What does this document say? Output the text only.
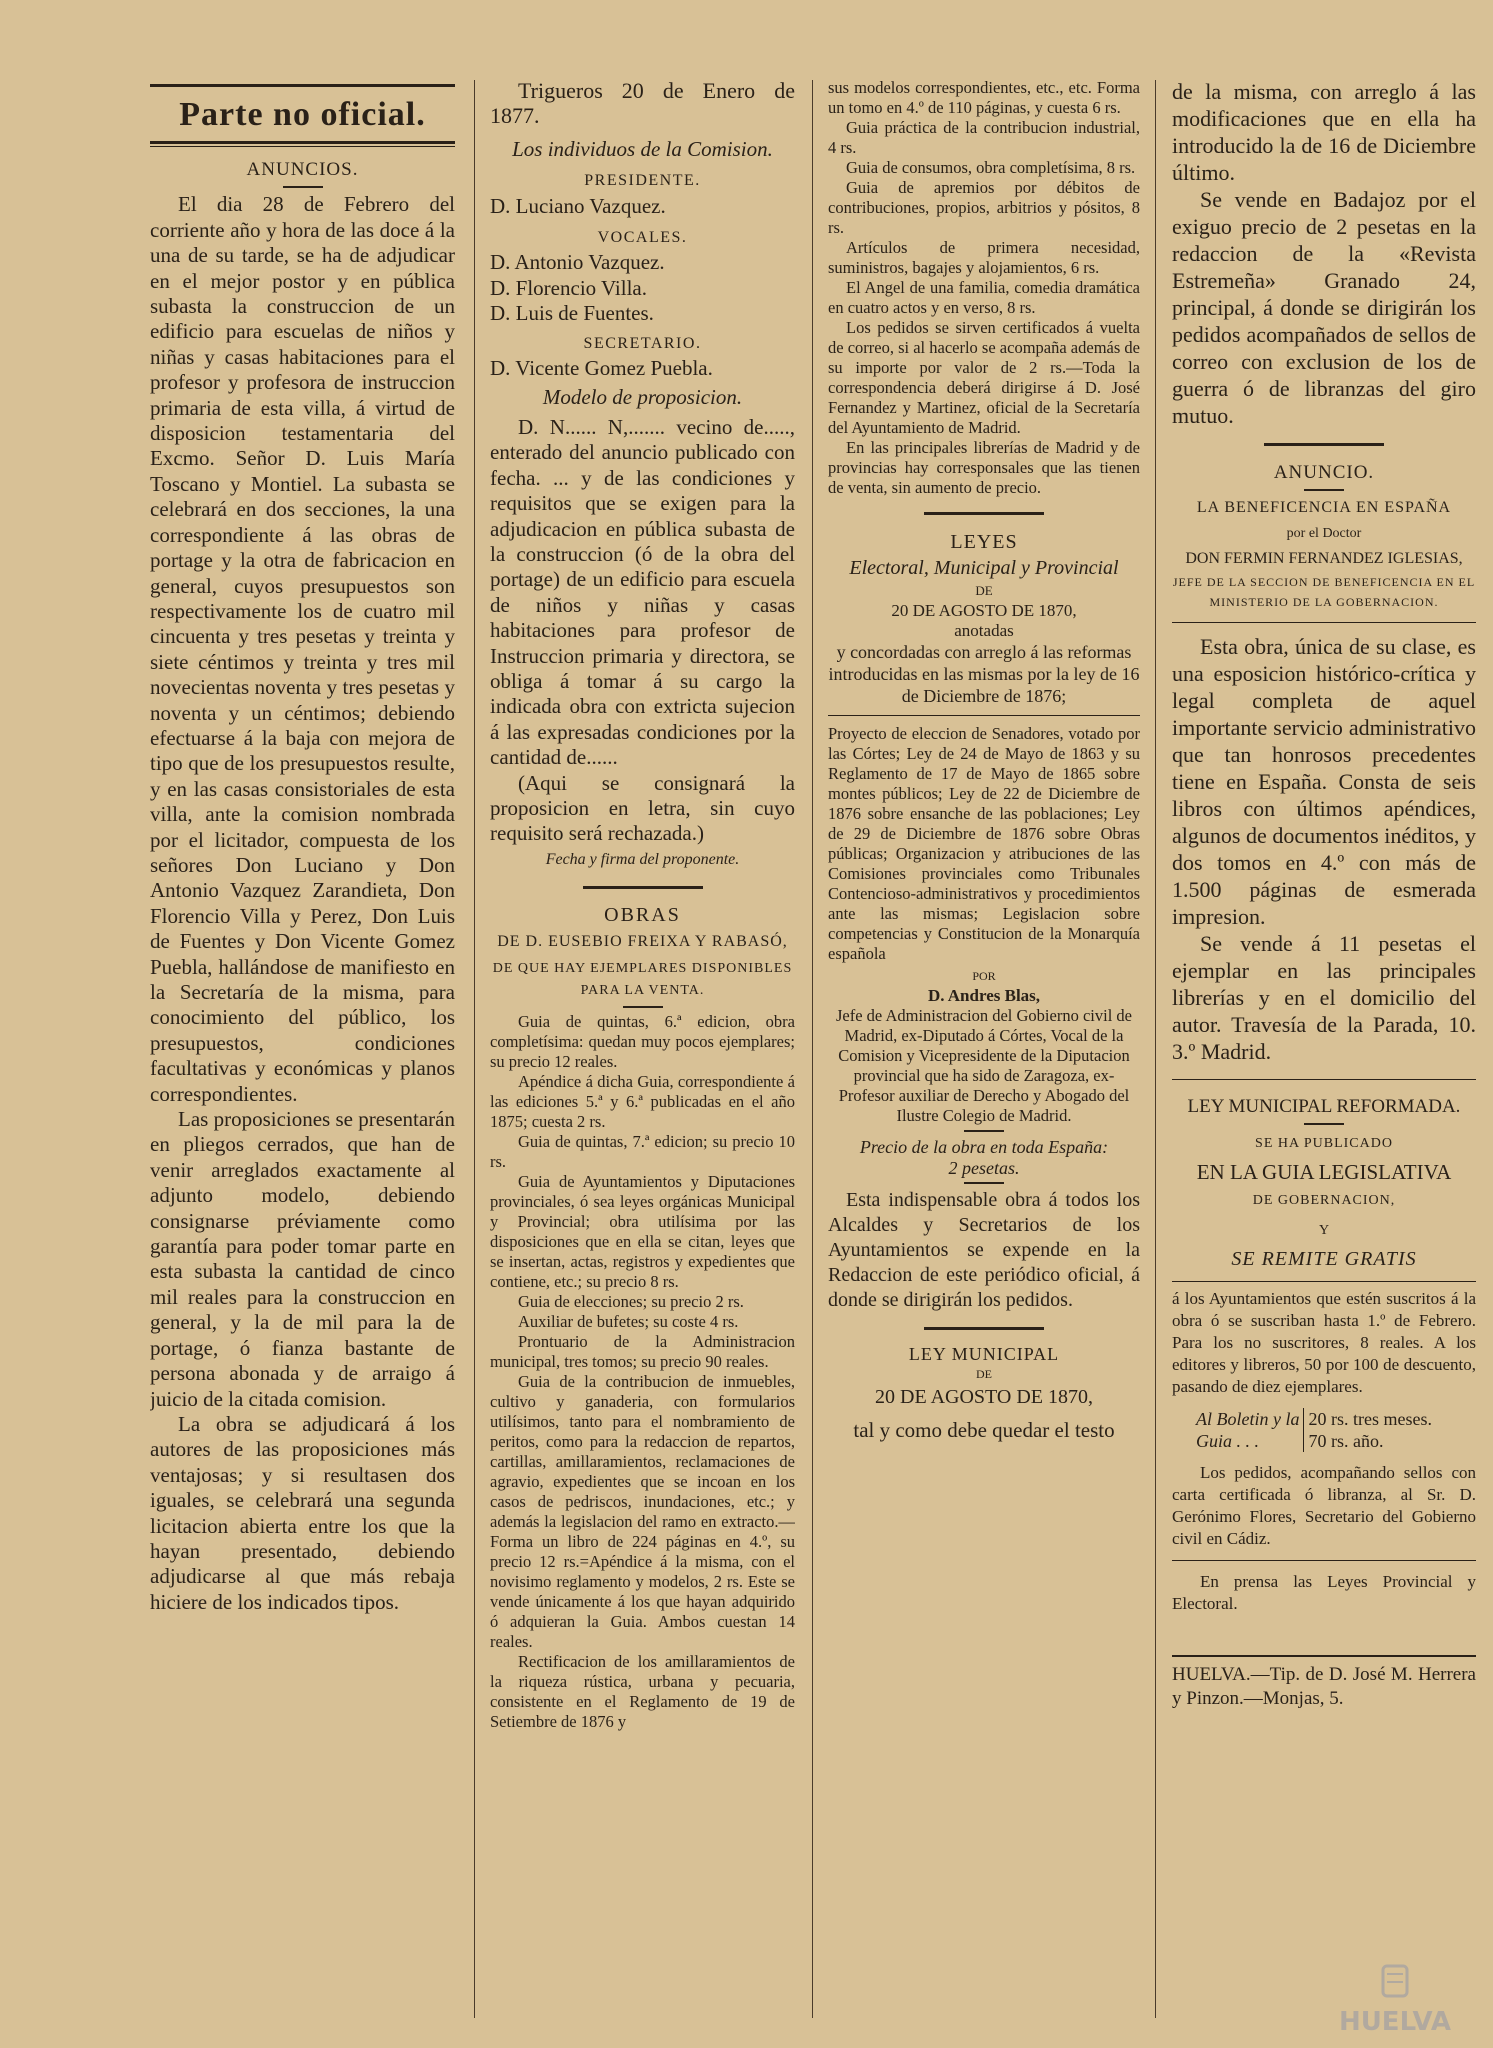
Parte no oficial.
ANUNCIOS.

El dia 28 de Febrero del corriente año y hora de las doce á la una de su tarde, se ha de adjudicar en el mejor postor y en pública subasta la construccion de un edificio para escuelas de niños y niñas y casas habitaciones para el profesor y profesora de instruccion primaria de esta villa, á virtud de disposicion testamentaria del Excmo. Señor D. Luis María Toscano y Montiel. La subasta se celebrará en dos secciones, la una correspondiente á las obras de portage y la otra de fabricacion en general, cuyos presupuestos son respectivamente los de cuatro mil cincuenta y tres pesetas y treinta y siete céntimos y treinta y tres mil novecientas noventa y tres pesetas y noventa y un céntimos; debiendo efectuarse á la baja con mejora de tipo que de los presupuestos resulte, y en las casas consistoriales de esta villa, ante la comision nombrada por el licitador, compuesta de los señores Don Luciano y Don Antonio Vazquez Zarandieta, Don Florencio Villa y Perez, Don Luis de Fuentes y Don Vicente Gomez Puebla, hallándose de manifiesto en la Secretaría de la misma, para conocimiento del público, los presupuestos, condiciones facultativas y económicas y planos correspondientes.

Las proposiciones se presentarán en pliegos cerrados, que han de venir arreglados exactamente al adjunto modelo, debiendo consignarse préviamente como garantía para poder tomar parte en esta subasta la cantidad de cinco mil reales para la construccion en general, y la de mil para la de portage, ó fianza bastante de persona abonada y de arraigo á juicio de la citada comision.

La obra se adjudicará á los autores de las proposiciones más ventajosas; y si resultasen dos iguales, se celebrará una segunda licitacion abierta entre los que la hayan presentado, debiendo adjudicarse al que más rebaja hiciere de los indicados tipos.

Trigueros 20 de Enero de 1877.

Los individuos de la Comision.
PRESIDENTE.
D. Luciano Vazquez.
VOCALES.
D. Antonio Vazquez.
D. Florencio Villa.
D. Luis de Fuentes.
SECRETARIO.
D. Vicente Gomez Puebla.
Modelo de proposicion.

D. N...... N,....... vecino de....., enterado del anuncio publicado con fecha. ... y de las condiciones y requisitos que se exigen para la adjudicacion en pública subasta de la construccion (ó de la obra del portage) de un edificio para escuela de niños y niñas y casas habitaciones para profesor de Instruccion primaria y directora, se obliga á tomar á su cargo la indicada obra con extricta sujecion á las expresadas condiciones por la cantidad de......

(Aqui se consignará la proposicion en letra, sin cuyo requisito será rechazada.)

Fecha y firma del proponente.
OBRAS
DE D. EUSEBIO FREIXA Y RABASÓ,
DE QUE HAY EJEMPLARES DISPONIBLES PARA LA VENTA.

Guia de quintas, 6.ª edicion, obra completísima: quedan muy pocos ejemplares; su precio 12 reales.

Apéndice á dicha Guia, correspondiente á las ediciones 5.ª y 6.ª publicadas en el año 1875; cuesta 2 rs.

Guia de quintas, 7.ª edicion; su precio 10 rs.

Guia de Ayuntamientos y Diputaciones provinciales, ó sea leyes orgánicas Municipal y Provincial; obra utilísima por las disposiciones que en ella se citan, leyes que se insertan, actas, registros y expedientes que contiene, etc.; su precio 8 rs.

Guia de elecciones; su precio 2 rs.

Auxiliar de bufetes; su coste 4 rs.

Prontuario de la Administracion municipal, tres tomos; su precio 90 reales.

Guia de la contribucion de inmuebles, cultivo y ganaderia, con formularios utilísimos, tanto para el nombramiento de peritos, como para la redaccion de repartos, cartillas, amillaramientos, reclamaciones de agravio, expedientes que se incoan en los casos de pedriscos, inundaciones, etc.; y además la legislacion del ramo en extracto.—Forma un libro de 224 páginas en 4.º, su precio 12 rs.=Apéndice á la misma, con el novisimo reglamento y modelos, 2 rs. Este se vende únicamente á los que hayan adquirido ó adquieran la Guia. Ambos cuestan 14 reales.

Rectificacion de los amillaramientos de la riqueza rústica, urbana y pecuaria, consistente en el Reglamento de 19 de Setiembre de 1876 y

sus modelos correspondientes, etc., etc. Forma un tomo en 4.º de 110 páginas, y cuesta 6 rs.

Guia práctica de la contribucion industrial, 4 rs.

Guia de consumos, obra completísima, 8 rs.

Guia de apremios por débitos de contribuciones, propios, arbitrios y pósitos, 8 rs.

Artículos de primera necesidad, suministros, bagajes y alojamientos, 6 rs.

El Angel de una familia, comedia dramática en cuatro actos y en verso, 8 rs.

Los pedidos se sirven certificados á vuelta de correo, si al hacerlo se acompaña además de su importe por valor de 2 rs.—Toda la correspondencia deberá dirigirse á D. José Fernandez y Martinez, oficial de la Secretaría del Ayuntamiento de Madrid.

En las principales librerías de Madrid y de provincias hay corresponsales que las tienen de venta, sin aumento de precio.

LEYES
Electoral, Municipal y Provincial
DE
20 DE AGOSTO DE 1870,
anotadas
y concordadas con arreglo á las reformas introducidas en las mismas por la ley de 16 de Diciembre de 1876;

Proyecto de eleccion de Senadores, votado por las Córtes; Ley de 24 de Mayo de 1863 y su Reglamento de 17 de Mayo de 1865 sobre montes públicos; Ley de 22 de Diciembre de 1876 sobre ensanche de las poblaciones; Ley de 29 de Diciembre de 1876 sobre Obras públicas; Organizacion y atribuciones de las Comisiones provinciales como Tribunales Contencioso-administrativos y procedimientos ante las mismas; Legislacion sobre competencias y Constitucion de la Monarquía española

POR
D. Andres Blas,
Jefe de Administracion del Gobierno civil de Madrid, ex-Diputado á Córtes, Vocal de la Comision y Vicepresidente de la Diputacion provincial que ha sido de Zaragoza, ex-Profesor auxiliar de Derecho y Abogado del Ilustre Colegio de Madrid.
Precio de la obra en toda España:
2 pesetas.

Esta indispensable obra á todos los Alcaldes y Secretarios de los Ayuntamientos se expende en la Redaccion de este periódico oficial, á donde se dirigirán los pedidos.

LEY MUNICIPAL
DE
20 DE AGOSTO DE 1870,
tal y como debe quedar el testo

de la misma, con arreglo á las modificaciones que en ella ha introducido la de 16 de Diciembre último.

Se vende en Badajoz por el exiguo precio de 2 pesetas en la redaccion de la «Revista Estremeña» Granado 24, principal, á donde se dirigirán los pedidos acompañados de sellos de correo con exclusion de los de guerra ó de libranzas del giro mutuo.

ANUNCIO.
LA BENEFICENCIA EN ESPAÑA
por el Doctor
DON FERMIN FERNANDEZ IGLESIAS,
JEFE DE LA SECCION DE BENEFICENCIA EN EL MINISTERIO DE LA GOBERNACION.

Esta obra, única de su clase, es una esposicion histórico-crítica y legal completa de aquel importante servicio administrativo que tan honrosos precedentes tiene en España. Consta de seis libros con últimos apéndices, algunos de documentos inéditos, y dos tomos en 4.º con más de 1.500 páginas de esmerada impresion.

Se vende á 11 pesetas el ejemplar en las principales librerías y en el domicilio del autor. Travesía de la Parada, 10. 3.º Madrid.

LEY MUNICIPAL REFORMADA.
SE HA PUBLICADO
EN LA GUIA LEGISLATIVA
DE GOBERNACION,
Y
SE REMITE GRATIS

á los Ayuntamientos que estén suscritos á la obra ó se suscriban hasta 1.º de Febrero. Para los no suscritores, 8 reales. A los editores y libreros, 50 por 100 de descuento, pasando de diez ejemplares.

Al Boletin y la
Guia . . .
20 rs. tres meses.
70 rs. año.

Los pedidos, acompañando sellos con carta certificada ó libranza, al Sr. D. Gerónimo Flores, Secretario del Gobierno civil en Cádiz.

En prensa las Leyes Provincial y Electoral.

HUELVA.—Tip. de D. José M. Herrera y Pinzon.—Monjas, 5.
HUELVA
